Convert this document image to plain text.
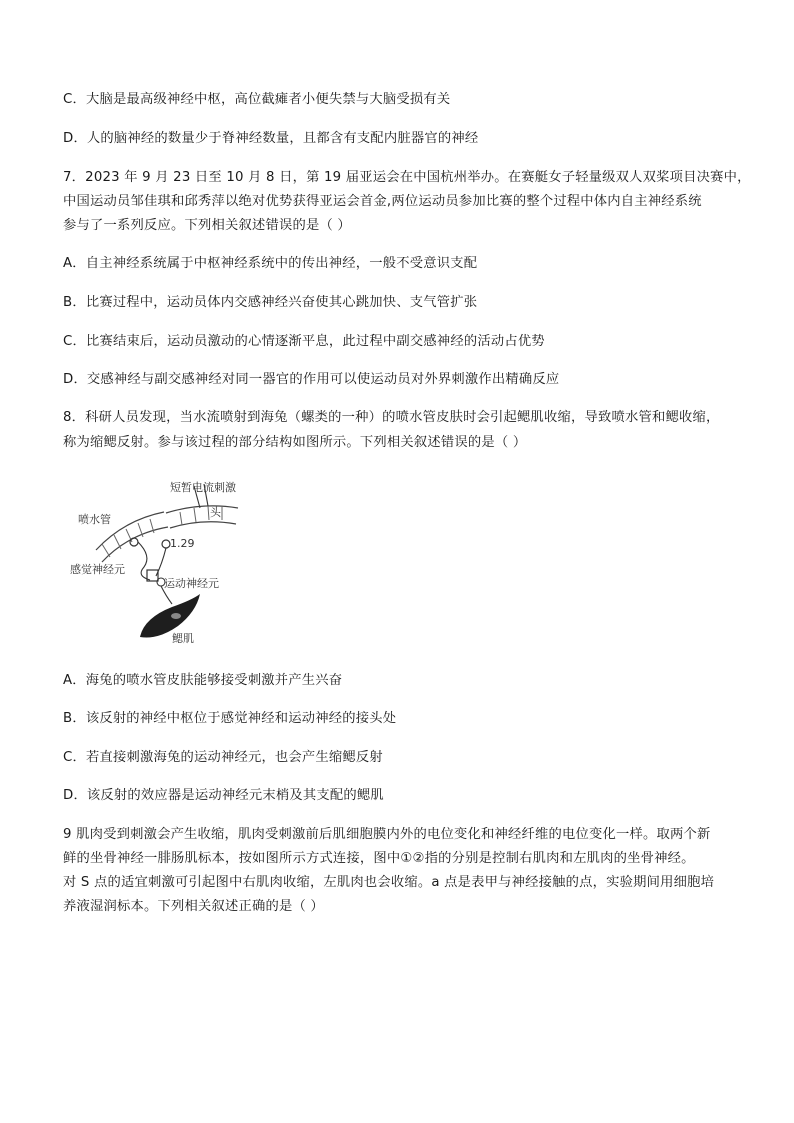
C．大脑是最高级神经中枢，高位截瘫者小便失禁与大脑受损有关
D．人的脑神经的数量少于脊神经数量，且都含有支配内脏器官的神经
7．2023 年 9 月 23 日至 10 月 8 日，第 19 届亚运会在中国杭州举办。在赛艇女子轻量级双人双桨项目决赛中，
中国运动员邹佳琪和邱秀萍以绝对优势获得亚运会首金,两位运动员参加比赛的整个过程中体内自主神经系统
参与了一系列反应。下列相关叙述错误的是（ ）
A．自主神经系统属于中枢神经系统中的传出神经，一般不受意识支配
B．比赛过程中，运动员体内交感神经兴奋使其心跳加快、支气管扩张
C．比赛结束后，运动员激动的心情逐渐平息，此过程中副交感神经的活动占优势
D．交感神经与副交感神经对同一器官的作用可以使运动员对外界刺激作出精确反应
8．科研人员发现，当水流喷射到海兔（螺类的一种）的喷水管皮肤时会引起鳃肌收缩，导致喷水管和鳃收缩，
称为缩鳃反射。参与该过程的部分结构如图所示。下列相关叙述错误的是（ ）
短暂电流刺激
头
喷水管
1.29
感觉神经元
运动神经元
鳃肌
A．海兔的喷水管皮肤能够接受刺激并产生兴奋
B．该反射的神经中枢位于感觉神经和运动神经的接头处
C．若直接刺激海兔的运动神经元，也会产生缩鳃反射
D．该反射的效应器是运动神经元末梢及其支配的鳃肌
9 肌肉受到刺激会产生收缩，肌肉受刺激前后肌细胞膜内外的电位变化和神经纤维的电位变化一样。取两个新
鲜的坐骨神经一腓肠肌标本，按如图所示方式连接，图中①②指的分别是控制右肌肉和左肌肉的坐骨神经。
对 S 点的适宜刺激可引起图中右肌肉收缩，左肌肉也会收缩。a 点是表甲与神经接触的点，实验期间用细胞培
养液湿润标本。下列相关叙述正确的是（ ）
